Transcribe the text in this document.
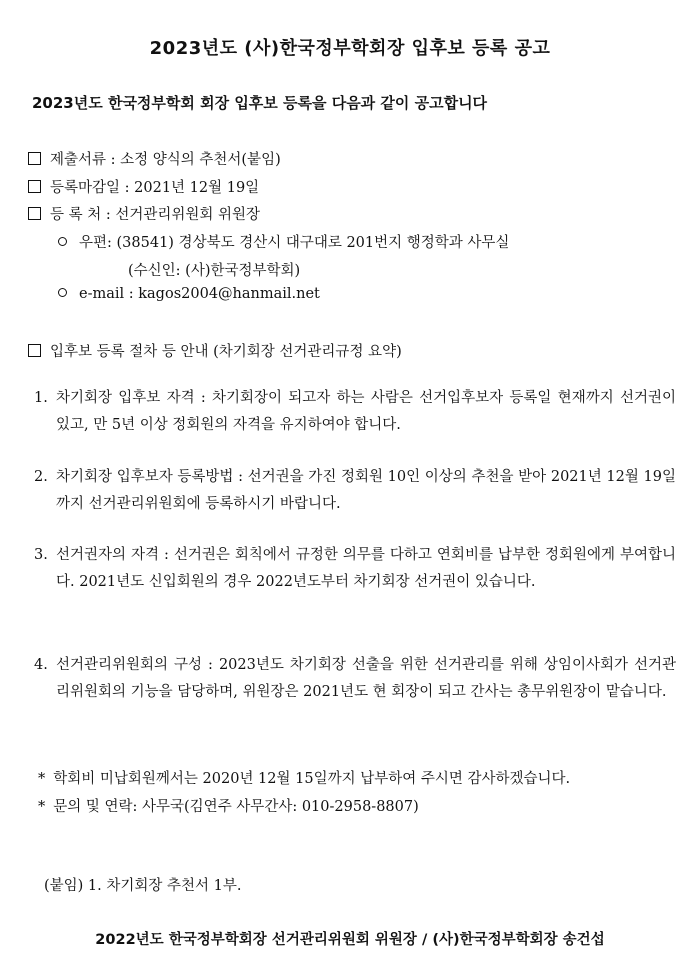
2023년도 (사)한국정부학회장 입후보 등록 공고
2023년도 한국정부학회 회장 입후보 등록을 다음과 같이 공고합니다
제출서류 : 소정 양식의 추천서(붙임)
등록마감일 : 2021년 12월 19일
등 록 처 : 선거관리위원회 위원장
우편: (38541) 경상북도 경산시 대구대로 201번지 행정학과 사무실
(수신인: (사)한국정부학회)
e-mail : kagos2004@hanmail.net
입후보 등록 절차 등 안내 (차기회장 선거관리규정 요약)
1. 차기회장 입후보 자격 : 차기회장이 되고자 하는 사람은 선거입후보자 등록일 현재까지 선거권이 있고, 만 5년 이상 정회원의 자격을 유지하여야 합니다.
2. 차기회장 입후보자 등록방법 : 선거권을 가진 정회원 10인 이상의 추천을 받아 2021년 12월 19일까지 선거관리위원회에 등록하시기 바랍니다.
3. 선거권자의 자격 : 선거권은 회칙에서 규정한 의무를 다하고 연회비를 납부한 정회원에게 부여합니다. 2021년도 신입회원의 경우 2022년도부터 차기회장 선거권이 있습니다.
4. 선거관리위원회의 구성 : 2023년도 차기회장 선출을 위한 선거관리를 위해 상임이사회가 선거관리위원회의 기능을 담당하며, 위원장은 2021년도 현 회장이 되고 간사는 총무위원장이 맡습니다.
* 학회비 미납회원께서는 2020년 12월 15일까지 납부하여 주시면 감사하겠습니다.
* 문의 및 연락: 사무국(김연주 사무간사: 010-2958-8807)
(붙임) 1. 차기회장 추천서 1부.
2022년도 한국정부학회장 선거관리위원회 위원장 / (사)한국정부학회장 송건섭
